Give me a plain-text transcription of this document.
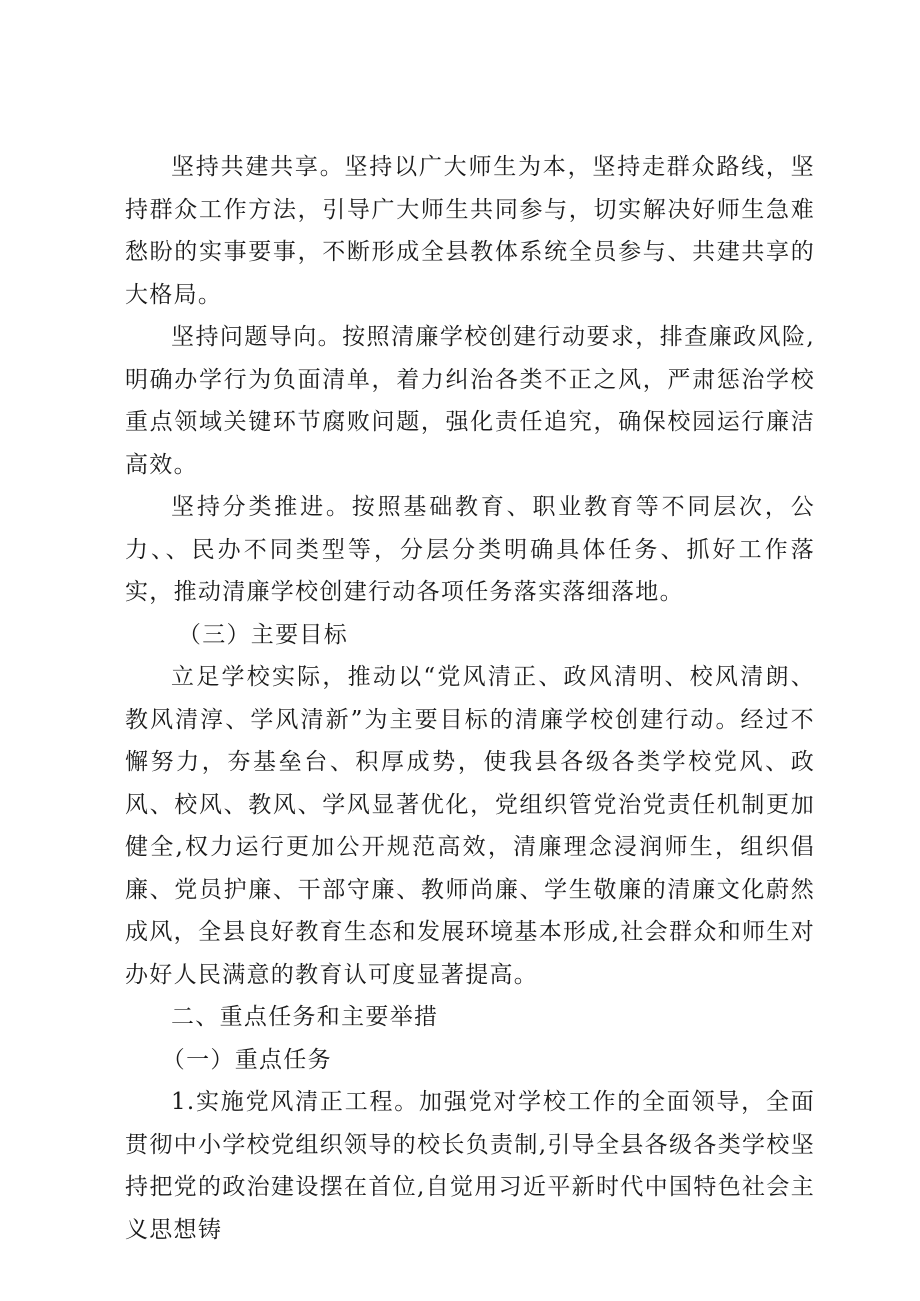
坚持共建共享。坚持以广大师生为本，坚持走群众路线，坚持群众工作方法，引导广大师生共同参与，切实解决好师生急难愁盼的实事要事，不断形成全县教体系统全员参与、共建共享的大格局。

坚持问题导向。按照清廉学校创建行动要求，排查廉政风险,明确办学行为负面清单，着力纠治各类不正之风，严肃惩治学校重点领域关键环节腐败问题，强化责任追究，确保校园运行廉洁高效。

坚持分类推进。按照基础教育、职业教育等不同层次，公力、、民办不同类型等，分层分类明确具体任务、抓好工作落实，推动清廉学校创建行动各项任务落实落细落地。

（三）主要目标

立足学校实际，推动以“党风清正、政风清明、校风清朗、教风清淳、学风清新”为主要目标的清廉学校创建行动。经过不懈努力，夯基垒台、积厚成势，使我县各级各类学校党风、政风、校风、教风、学风显著优化，党组织管党治党责任机制更加健全,权力运行更加公开规范高效，清廉理念浸润师生，组织倡廉、党员护廉、干部守廉、教师尚廉、学生敬廉的清廉文化蔚然成风，全县良好教育生态和发展环境基本形成,社会群众和师生对办好人民满意的教育认可度显著提高。

二、重点任务和主要举措

（一）重点任务

1.实施党风清正工程。加强党对学校工作的全面领导，全面贯彻中小学校党组织领导的校长负责制,引导全县各级各类学校坚持把党的政治建设摆在首位,自觉用习近平新时代中国特色社会主义思想铸
